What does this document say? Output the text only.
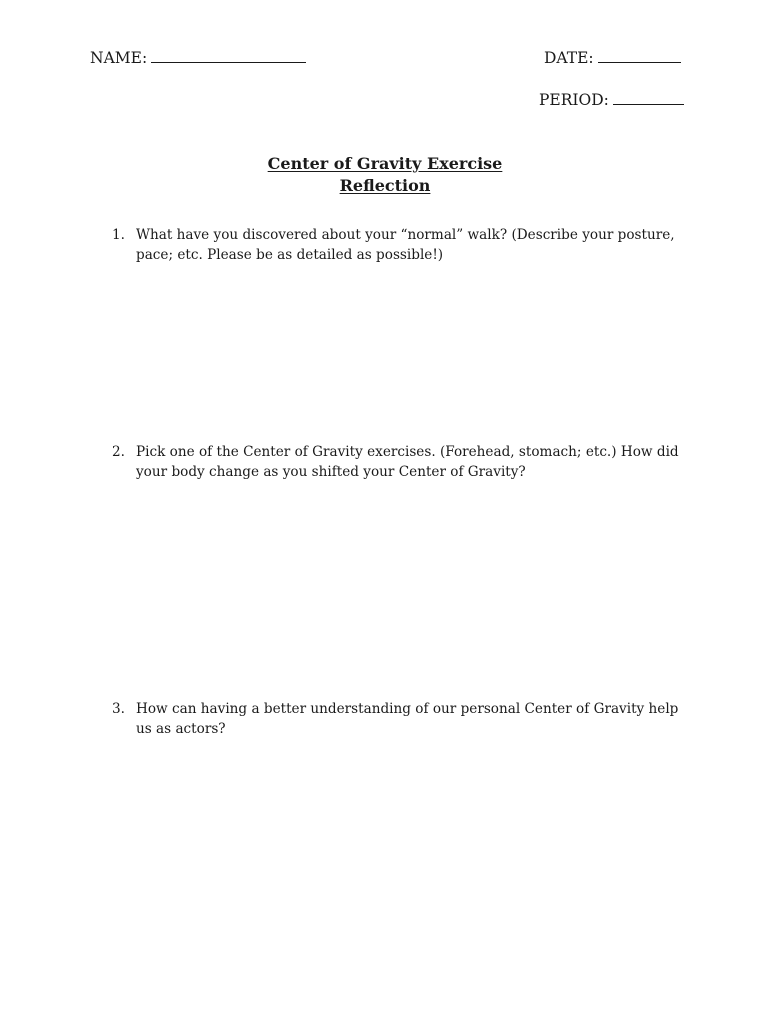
NAME:	DATE:
PERIOD:
Center of Gravity Exercise
Reflection
1. What have you discovered about your “normal” walk? (Describe your posture, pace; etc. Please be as detailed as possible!)
2. Pick one of the Center of Gravity exercises. (Forehead, stomach; etc.) How did your body change as you shifted your Center of Gravity?
3. How can having a better understanding of our personal Center of Gravity help us as actors?
